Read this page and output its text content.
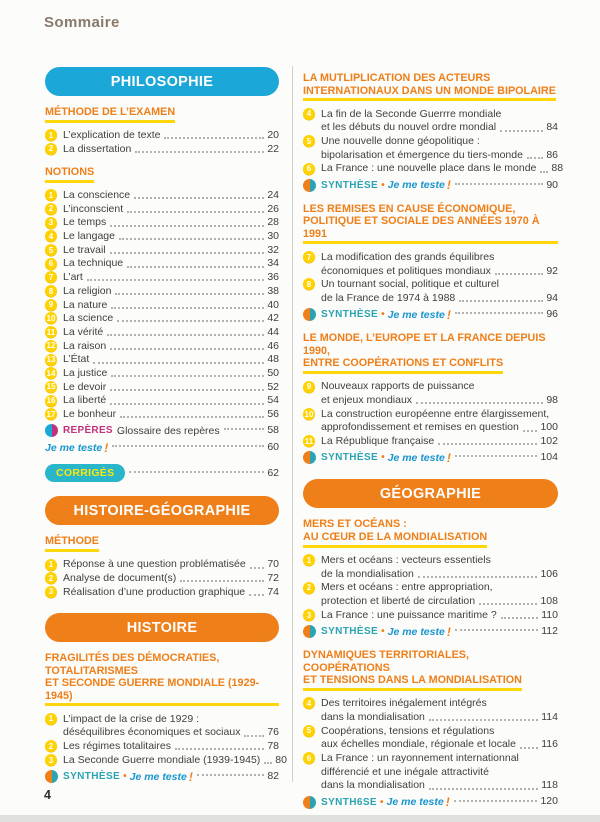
Sommaire
PHILOSOPHIE
MÉTHODE DE L’EXAMEN
1 L’explication de texte	20
2 La dissertation	22
NOTIONS
1 La conscience	24
2 L’inconscient	26
3 Le temps	28
4 Le langage	30
5 Le travail	32
6 La technique	34
7 L’art	36
8 La religion	38
9 La nature	40
10 La science	42
11 La vérité	44
12 La raison	46
13 L’État	48
14 La justice	50
15 Le devoir	52
16 La liberté	54
17 Le bonheur	56
REPÈRES Glossaire des repères	58
Je me teste !	60
CORRIGÉS	62
HISTOIRE-GÉOGRAPHIE
MÉTHODE
1 Réponse à une question problématisée 70
2 Analyse de document(s)	72
3 Réalisation d’une production graphique 74
HISTOIRE
FRAGILITÉS DES DÉMOCRATIES, TOTALITARISMES
ET SECONDE GUERRE MONDIALE (1929-1945)
1 L’impact de la crise de 1929 :
déséquilibres économiques et sociaux	76
2 Les régimes totalitaires	78
3 La Seconde Guerre mondiale (1939-1945) 80
SYNTHÈSE • Je me teste !	82
LA MUTLIPLICATION DES ACTEURS
INTERNATIONAUX DANS UN MONDE BIPOLAIRE
4 La fin de la Seconde Guerrre mondiale
et les débuts du nouvel ordre mondial	84
5 Une nouvelle donne géopolitique :
bipolarisation et émergence du tiers-monde 86
6 La France : une nouvelle place dans le monde 88
SYNTHÈSE • Je me teste !	90
LES REMISES EN CAUSE ÉCONOMIQUE,
POLITIQUE ET SOCIALE DES ANNÉES 1970 À 1991
7 La modification des grands équilibres
économiques et politiques mondiaux	92
8 Un tournant social, politique et culturel
de la France de 1974 à 1988	94
SYNTHÈSE • Je me teste !	96
LE MONDE, L’EUROPE ET LA FRANCE DEPUIS 1990,
ENTRE COOPÉRATIONS ET CONFLITS
9 Nouveaux rapports de puissance
et enjeux mondiaux	98
10 La construction européenne entre élargissement,
approfondissement et remises en question 100
11 La République française	102
SYNTHÈSE • Je me teste !	104
GÉOGRAPHIE
MERS ET OCÉANS :
AU CŒUR DE LA MONDIALISATION
1 Mers et océans : vecteurs essentiels
de la mondialisation	106
2 Mers et océans : entre appropriation,
protection et liberté de circulation	108
3 La France : une puissance maritime ?	110
SYNTHÈSE • Je me teste !	112
DYNAMIQUES TERRITORIALES, COOPÉRATIONS
ET TENSIONS DANS LA MONDIALISATION
4 Des territoires inégalement intégrés
dans la mondialisation	114
5 Coopérations, tensions et régulations
aux échelles mondiale, régionale et locale 116
6 La France : un rayonnement internationnal
différencié et une inégale attractivité
dans la mondialisation	118
SYNTH6SE • Je me teste !	120
4
